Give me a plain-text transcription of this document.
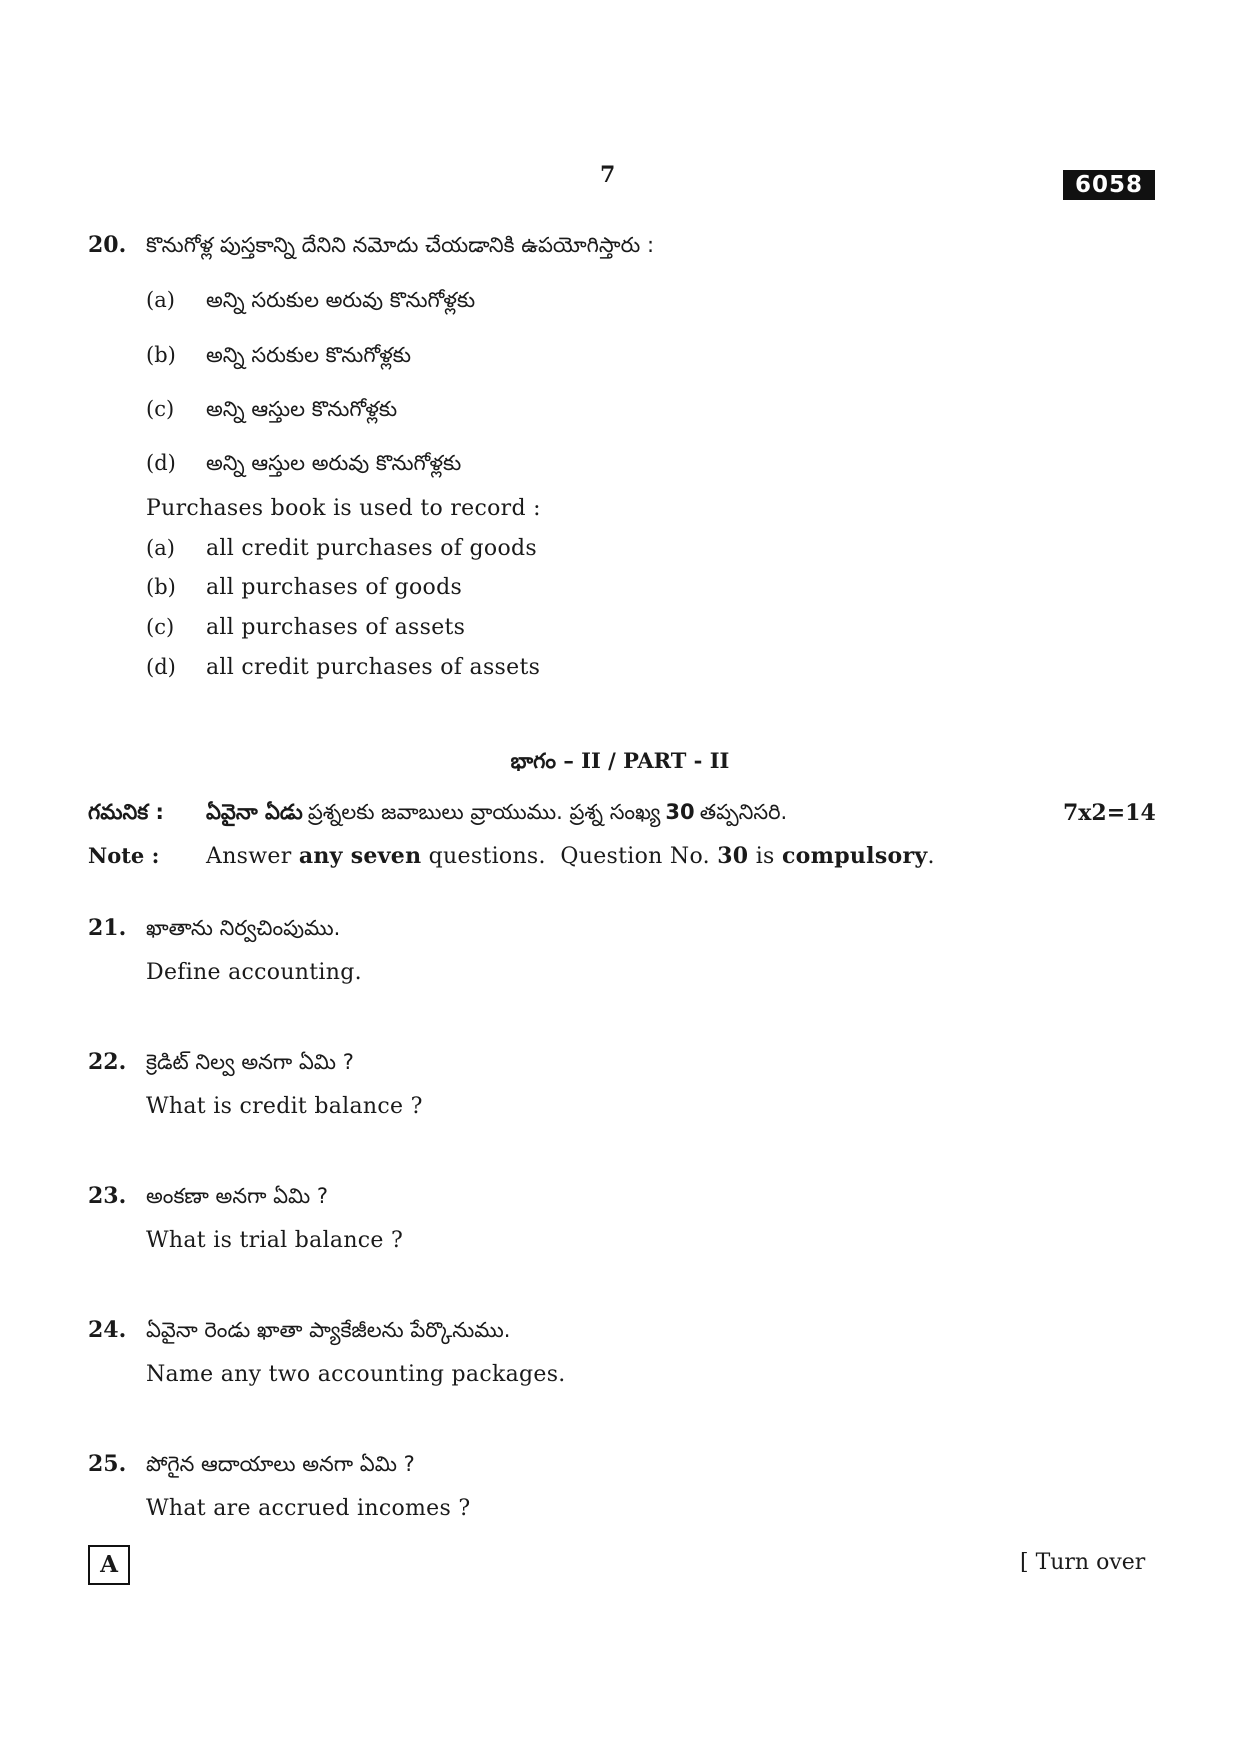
7	6058
20. కొనుగోళ్ల పుస్తకాన్ని దేనిని నమోదు చేయడానికి ఉపయోగిస్తారు :
(a)	అన్ని సరుకుల అరువు కొనుగోళ్లకు
(b)	అన్ని సరుకుల కొనుగోళ్లకు
(c)	అన్ని ఆస్తుల కొనుగోళ్లకు
(d)	అన్ని ఆస్తుల అరువు కొనుగోళ్లకు
Purchases book is used to record :
(a)	all credit purchases of goods
(b)	all purchases of goods
(c)	all purchases of assets
(d)	all credit purchases of assets
భాగం – II / PART - II
గమనిక :	ఏవైనా ఏడు
ప్రశ్నలకు జవాబులు వ్రాయుము. ప్రశ్న సంఖ్య
30
తప్పనిసరి.	7x2=14
Note :	Answer
any seven
questions.  Question No.
30
is
compulsory .
21. ఖాతాను నిర్వచింపుము.
Define accounting.
22. క్రెడిట్ నిల్వ అనగా ఏమి ?
What is credit balance ?
23. అంకణా అనగా ఏమి ?
What is trial balance ?
24. ఏవైనా రెండు ఖాతా ప్యాకేజీలను పేర్కొనుము.
Name any two accounting packages.
25. పోగైన ఆదాయాలు అనగా ఏమి ?
What are accrued incomes ?
A	[ Turn over
